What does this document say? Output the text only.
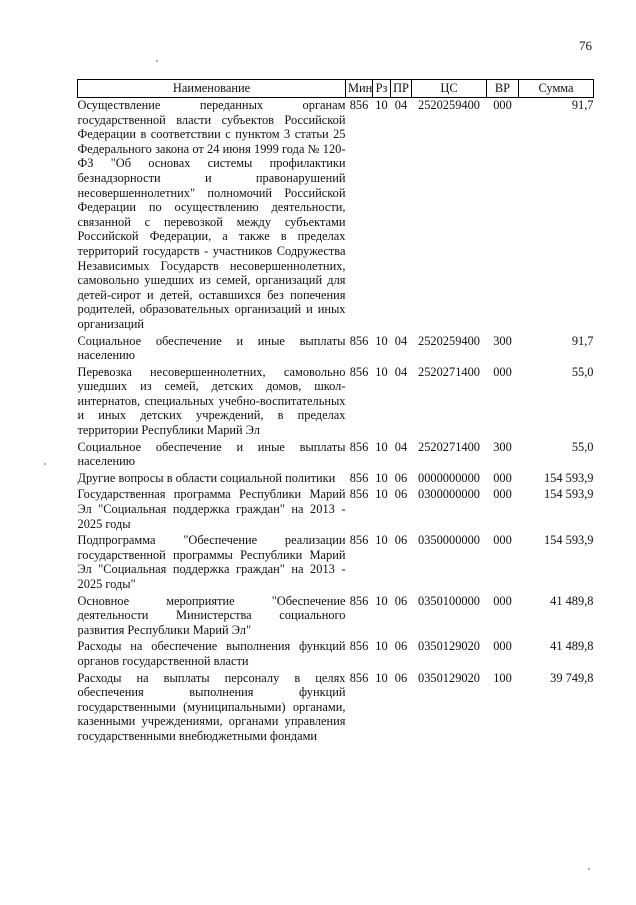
76
Наименование	Мин	Рз	ПР	ЦС	ВР	Сумма
Осуществление переданных органам государственной власти субъектов Российской Федерации в соответствии с пунктом 3 статьи 25 Федерального закона от 24 июня 1999 года № 120-ФЗ "Об основах системы профилактики безнадзорности и правонарушений несовершеннолетних" полномочий Российской Федерации по осуществлению деятельности, связанной с перевозкой между субъектами Российской Федерации, а также в пределах территорий государств - участников Содружества Независимых Государств несовершеннолетних, самовольно ушедших из семей, организаций для детей-сирот и детей, оставшихся без попечения родителей, образовательных организаций и иных организаций	856	10	04	2520259400	000	91,7
Социальное обеспечение и иные выплаты населению	856	10	04	2520259400	300	91,7
Перевозка несовершеннолетних, самовольно ушедших из семей, детских домов, школ-интернатов, специальных учебно-воспитательных и иных детских учреждений, в пределах территории Республики Марий Эл	856	10	04	2520271400	000	55,0
Социальное обеспечение и иные выплаты населению	856	10	04	2520271400	300	55,0
Другие вопросы в области социальной политики	856	10	06	0000000000	000	154 593,9
Государственная программа Республики Марий Эл "Социальная поддержка граждан" на 2013 - 2025 годы	856	10	06	0300000000	000	154 593,9
Подпрограмма "Обеспечение реализации государственной программы Республики Марий Эл "Социальная поддержка граждан" на 2013 - 2025 годы"	856	10	06	0350000000	000	154 593,9
Основное мероприятие "Обеспечение деятельности Министерства социального развития Республики Марий Эл"	856	10	06	0350100000	000	41 489,8
Расходы на обеспечение выполнения функций органов государственной власти	856	10	06	0350129020	000	41 489,8
Расходы на выплаты персоналу в целях обеспечения выполнения функций государственными (муниципальными) органами, казенными учреждениями, органами управления государственными внебюджетными фондами	856	10	06	0350129020	100	39 749,8
